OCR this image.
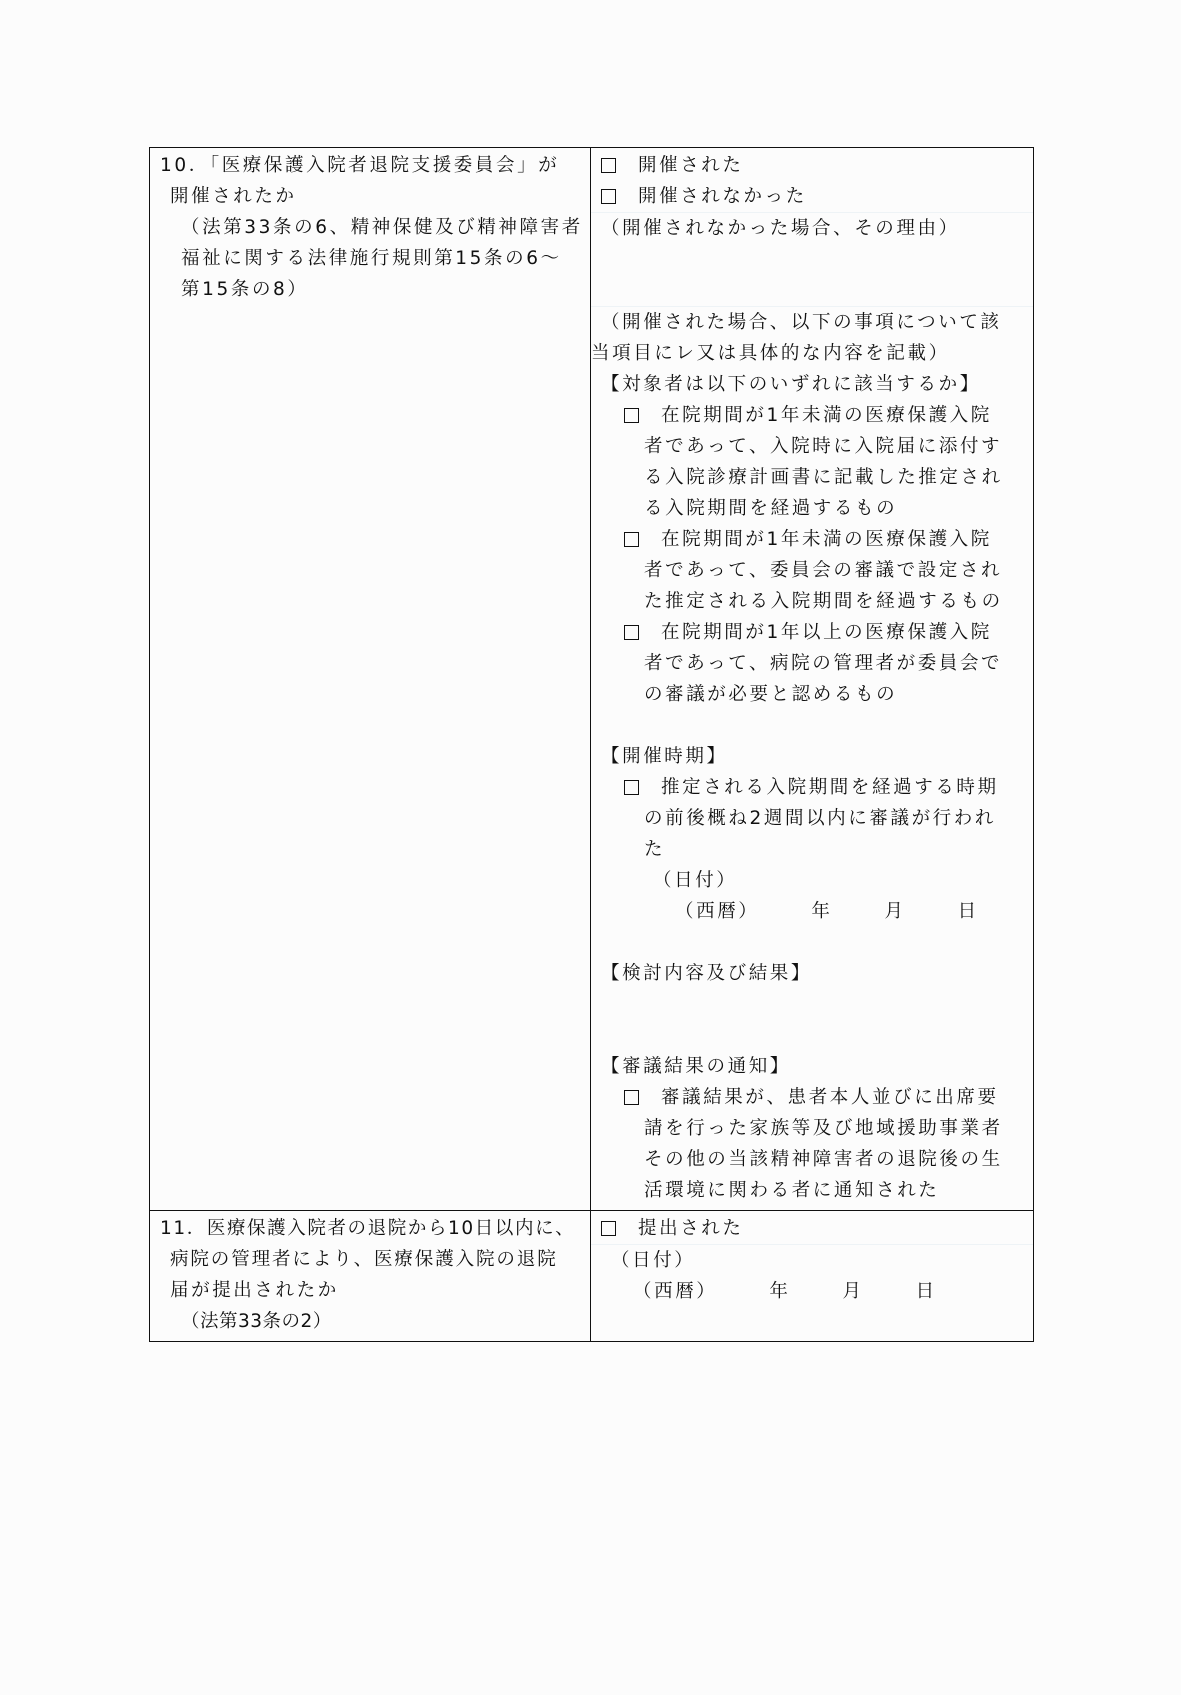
10．「医療保護入院者退院支援委員会」が
開催されたか
（法第33条の6、精神保健及び精神障害者
福祉に関する法律施行規則第15条の6～
第15条の8）

開催された
開催されなかった
（開催されなかった場合、その理由）
（開催された場合、以下の事項について該
当項目にレ又は具体的な内容を記載）
【対象者は以下のいずれに該当するか】
在院期間が1年未満の医療保護入院
者であって、入院時に入院届に添付す
る入院診療計画書に記載した推定され
る入院期間を経過するもの
在院期間が1年未満の医療保護入院
者であって、委員会の審議で設定され
た推定される入院期間を経過するもの
在院期間が1年以上の医療保護入院
者であって、病院の管理者が委員会で
の審議が必要と認めるもの
【開催時期】
推定される入院期間を経過する時期
の前後概ね2週間以内に審議が行われ
た
（日付）
（西暦）	年	月	日
【検討内容及び結果】
【審議結果の通知】
審議結果が、患者本人並びに出席要
請を行った家族等及び地域援助事業者
その他の当該精神障害者の退院後の生
活環境に関わる者に通知された

11．医療保護入院者の退院から10日以内に、
病院の管理者により、医療保護入院の退院
届が提出されたか
（法第33条の2）

提出された
（日付）
（西暦）	年	月	日
